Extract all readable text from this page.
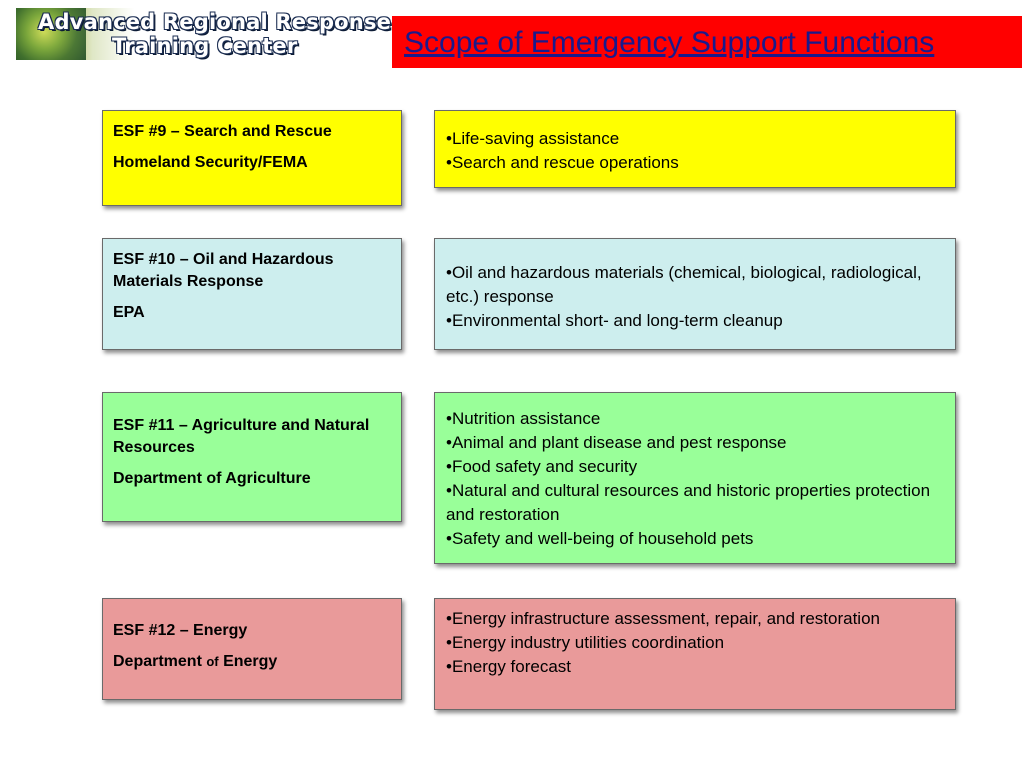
Advanced Regional Response
Training Center	Scope of Emergency Support Functions
ESF #9 – Search and Rescue
Homeland Security/FEMA
•Life-saving assistance
•Search and rescue operations
ESF #10 – Oil and Hazardous Materials Response
EPA
•Oil and hazardous materials (chemical, biological, radiological, etc.) response
•Environmental short- and long-term cleanup
ESF #11 – Agriculture and Natural Resources
Department of Agriculture
•Nutrition assistance
•Animal and plant disease and pest response
•Food safety and security
•Natural and cultural resources and historic properties protection and restoration
•Safety and well-being of household pets
ESF #12 – Energy
Department of Energy
•Energy infrastructure assessment, repair, and restoration
•Energy industry utilities coordination
•Energy forecast
